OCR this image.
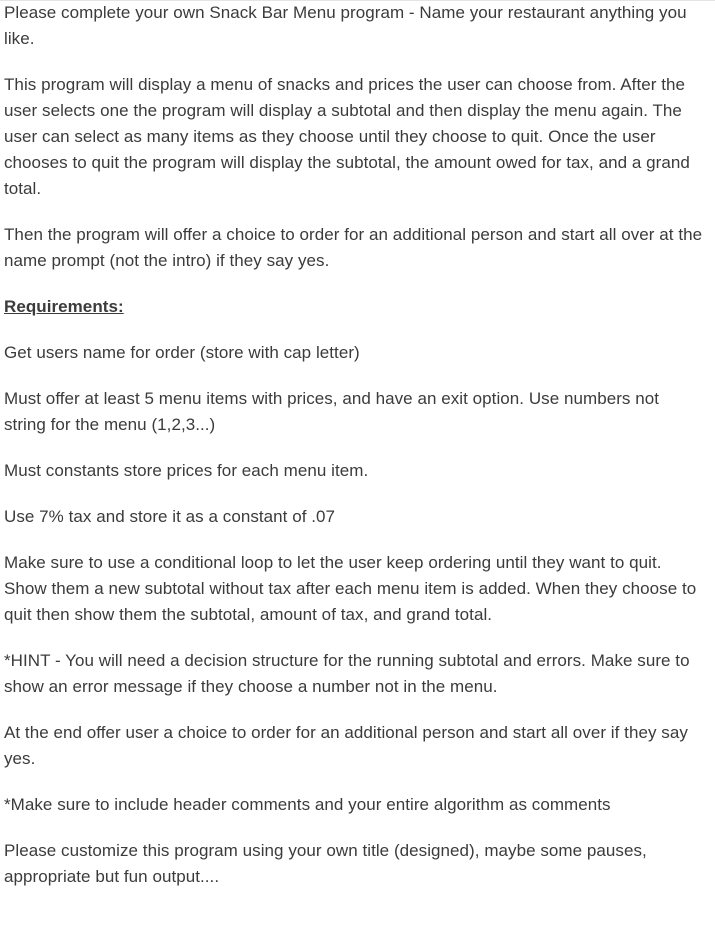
Please complete your own Snack Bar Menu program - Name your restaurant anything you like.

This program will display a menu of snacks and prices the user can choose from. After the user selects one the program will display a subtotal and then display the menu again. The user can select as many items as they choose until they choose to quit. Once the user chooses to quit the program will display the subtotal, the amount owed for tax, and a grand total.

Then the program will offer a choice to order for an additional person and start all over at the name prompt (not the intro) if they say yes.

Requirements:

Get users name for order (store with cap letter)

Must offer at least 5 menu items with prices, and have an exit option. Use numbers not string for the menu (1,2,3...)

Must constants store prices for each menu item.

Use 7% tax and store it as a constant of .07

Make sure to use a conditional loop to let the user keep ordering until they want to quit. Show them a new subtotal without tax after each menu item is added. When they choose to quit then show them the subtotal, amount of tax, and grand total.

*HINT - You will need a decision structure for the running subtotal and errors. Make sure to show an error message if they choose a number not in the menu.

At the end offer user a choice to order for an additional person and start all over if they say yes.

*Make sure to include header comments and your entire algorithm as comments

Please customize this program using your own title (designed), maybe some pauses, appropriate but fun output....
